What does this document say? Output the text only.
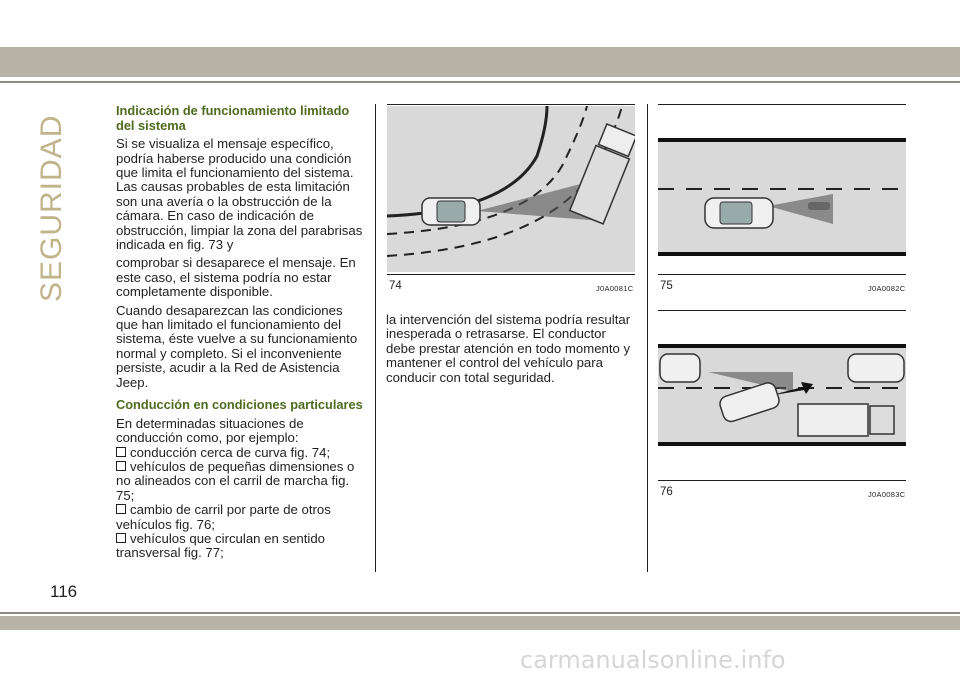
SEGURIDAD
Indicación de funcionamiento limitado del sistema

Si se visualiza el mensaje específico, podría haberse producido una condición que limita el funcionamiento del sistema. Las causas probables de esta limitación son una avería o la obstrucción de la cámara. En caso de indicación de obstrucción, limpiar la zona del parabrisas indicada en fig. 73 y

comprobar si desaparece el mensaje. En este caso, el sistema podría no estar completamente disponible.

Cuando desaparezcan las condiciones que han limitado el funcionamiento del sistema, éste vuelve a su funcionamiento normal y completo. Si el inconveniente persiste, acudir a la Red de Asistencia Jeep.

Conducción en condiciones particulares

En determinadas situaciones de conducción como, por ejemplo:

conducción cerca de curva fig. 74;
vehículos de pequeñas dimensiones o no alineados con el carril de marcha fig. 75;
cambio de carril por parte de otros vehículos fig. 76;
vehículos que circulan en sentido transversal fig. 77;
74	J0A0081C

la intervención del sistema podría resultar inesperada o retrasarse. El conductor debe prestar atención en todo momento y mantener el control del vehículo para conducir con total seguridad.

75	J0A0082C
76	J0A0083C
116
carmanualsonline.info
